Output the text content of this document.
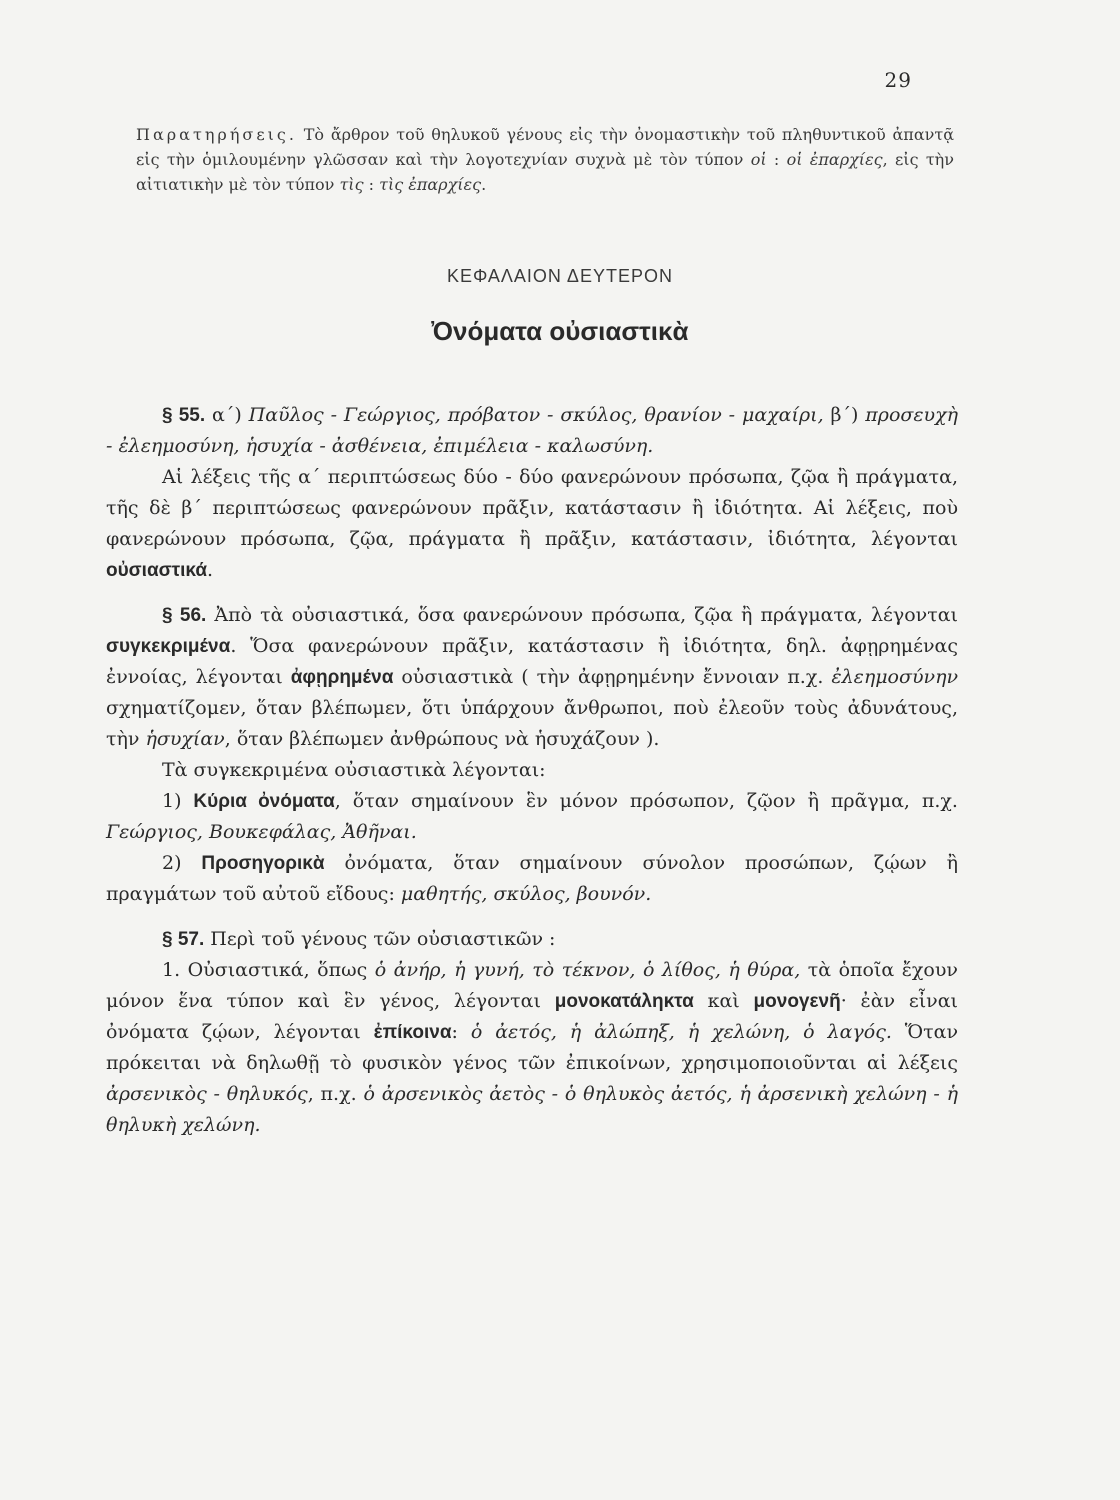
29
Παρατηρήσεις. Τὸ ἄρθρον τοῦ θηλυκοῦ γένους εἰς τὴν ὀνομαστικὴν τοῦ πληθυντικοῦ ἀπαντᾷ εἰς τὴν ὁμιλουμένην γλῶσσαν καὶ τὴν λογοτεχνίαν συχνὰ μὲ τὸν τύπον οἱ : οἱ ἐπαρχίες, εἰς τὴν αἰτιατικὴν μὲ τὸν τύπον τὶς : τὶς ἐπαρχίες.
ΚΕΦΑΛΑΙΟΝ ΔΕΥΤΕΡΟΝ
Ὀνόματα οὐσιαστικὰ

§ 55. α΄) Παῦλος - Γεώργιος, πρόβατον - σκύλος, θρανίον - μαχαίρι, β΄) προσευχὴ - ἐλεημοσύνη, ἡσυχία - ἀσθένεια, ἐπιμέλεια - καλωσύνη.

Αἱ λέξεις τῆς α΄ περιπτώσεως δύο - δύο φανερώνουν πρόσωπα, ζῷα ἢ πράγματα, τῆς δὲ β΄ περιπτώσεως φανερώνουν πρᾶξιν, κατάστασιν ἢ ἰδιότητα. Αἱ λέξεις, ποὺ φανερώνουν πρόσωπα, ζῷα, πράγματα ἢ πρᾶξιν, κατάστασιν, ἰδιότητα, λέγονται οὐσιαστικά.

§ 56. Ἀπὸ τὰ οὐσιαστικά, ὅσα φανερώνουν πρόσωπα, ζῷα ἢ πράγματα, λέγονται συγκεκριμένα. Ὅσα φανερώνουν πρᾶξιν, κατάστασιν ἢ ἰδιότητα, δηλ. ἀφῃρημένας ἐννοίας, λέγονται ἀφῃρημένα οὐσιαστικὰ ( τὴν ἀφῃρημένην ἔννοιαν π.χ. ἐλεημοσύνην σχηματίζομεν, ὅταν βλέπωμεν, ὅτι ὑπάρχουν ἄνθρωποι, ποὺ ἐλεοῦν τοὺς ἀδυνάτους, τὴν ἡσυχίαν, ὅταν βλέπωμεν ἀνθρώπους νὰ ἡσυχάζουν ).

Τὰ συγκεκριμένα οὐσιαστικὰ λέγονται:

1) Κύρια ὀνόματα, ὅταν σημαίνουν ἓν μόνον πρόσωπον, ζῷον ἢ πρᾶγμα, π.χ. Γεώργιος, Βουκεφάλας, Ἀθῆναι.

2) Προσηγορικὰ ὀνόματα, ὅταν σημαίνουν σύνολον προσώπων, ζῴων ἢ πραγμάτων τοῦ αὐτοῦ εἴδους: μαθητής, σκύλος, βουνόν.

§ 57. Περὶ τοῦ γένους τῶν οὐσιαστικῶν :

1. Οὐσιαστικά, ὅπως ὁ ἀνήρ, ἡ γυνή, τὸ τέκνον, ὁ λίθος, ἡ θύρα, τὰ ὁποῖα ἔχουν μόνον ἕνα τύπον καὶ ἓν γένος, λέγονται μονοκατάληκτα καὶ μονογενῆ· ἐὰν εἶναι ὀνόματα ζῴων, λέγονται ἐπίκοινα: ὁ ἀετός, ἡ ἀλώπηξ, ἡ χελώνη, ὁ λαγός. Ὅταν πρόκειται νὰ δηλωθῇ τὸ φυσικὸν γένος τῶν ἐπικοίνων, χρησιμοποιοῦνται αἱ λέξεις ἀρσενικὸς - θηλυκός, π.χ. ὁ ἀρσενικὸς ἀετὸς - ὁ θηλυκὸς ἀετός, ἡ ἀρσενικὴ χελώνη - ἡ θηλυκὴ χελώνη.
